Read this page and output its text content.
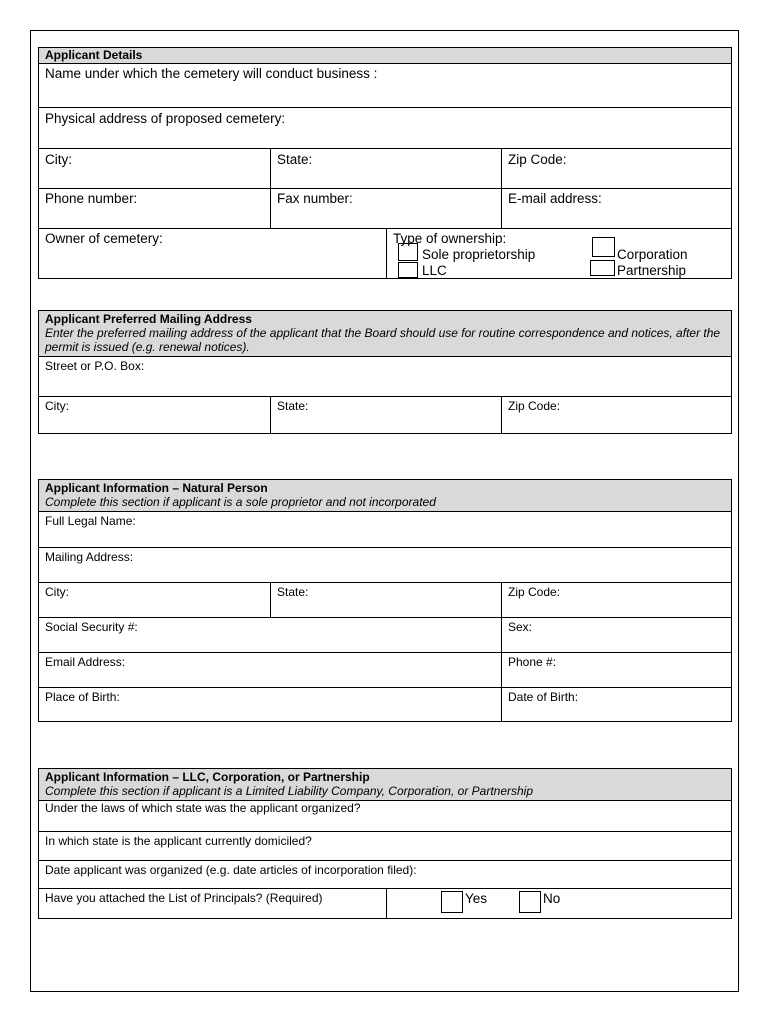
Applicant Details
Name under which the cemetery will conduct business :
Physical address of proposed cemetery:
City:	State:	Zip Code:
Phone number:	Fax number:	E-mail address:
Owner of cemetery:	Type of ownership:
Sole proprietorship
LLC
Corporation
Partnership
Applicant Preferred Mailing Address
Enter the preferred mailing address of the applicant that the Board should use for routine correspondence and notices, after the permit is issued (e.g. renewal notices).
Street or P.O. Box:
City:	State:	Zip Code:
Applicant Information – Natural Person
Complete this section if applicant is a sole proprietor and not incorporated
Full Legal Name:
Mailing Address:
City:	State:	Zip Code:
Social Security #:	Sex:
Email Address:	Phone #:
Place of Birth:	Date of Birth:
Applicant Information – LLC, Corporation, or Partnership
Complete this section if applicant is a Limited Liability Company, Corporation, or Partnership
Under the laws of which state was the applicant organized?
In which state is the applicant currently domiciled?
Date applicant was organized (e.g. date articles of incorporation filed):
Have you attached the List of Principals? (Required)	Yes	No
